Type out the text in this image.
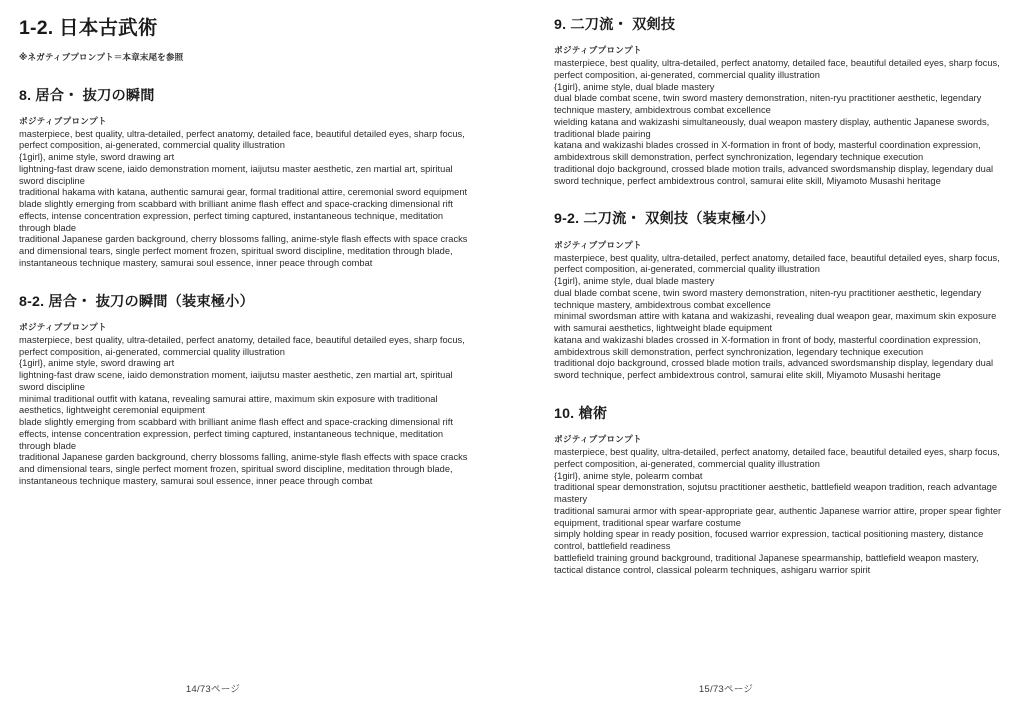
1-2. 日本古武術

※ネガティブプロンプト＝本章末尾を参照

8. 居合・ 抜刀の瞬間

ポジティブプロンプト

masterpiece, best quality, ultra-detailed, perfect anatomy, detailed face, beautiful detailed eyes, sharp focus, perfect composition, ai-generated, commercial quality illustration

{1girl}, anime style, sword drawing art

lightning-fast draw scene, iaido demonstration moment, iaijutsu master aesthetic, zen martial art, spiritual sword discipline

traditional hakama with katana, authentic samurai gear, formal traditional attire, ceremonial sword equipment

blade slightly emerging from scabbard with brilliant anime flash effect and space-cracking dimensional rift effects, intense concentration expression, perfect timing captured, instantaneous technique, meditation through blade

traditional Japanese garden background, cherry blossoms falling, anime-style flash effects with space cracks and dimensional tears, single perfect moment frozen, spiritual sword discipline, meditation through blade, instantaneous technique mastery, samurai soul essence, inner peace through combat

8-2. 居合・ 抜刀の瞬間（装束極小）

ポジティブプロンプト

masterpiece, best quality, ultra-detailed, perfect anatomy, detailed face, beautiful detailed eyes, sharp focus, perfect composition, ai-generated, commercial quality illustration

{1girl}, anime style, sword drawing art

lightning-fast draw scene, iaido demonstration moment, iaijutsu master aesthetic, zen martial art, spiritual sword discipline

minimal traditional outfit with katana, revealing samurai attire, maximum skin exposure with traditional aesthetics, lightweight ceremonial equipment

blade slightly emerging from scabbard with brilliant anime flash effect and space-cracking dimensional rift effects, intense concentration expression, perfect timing captured, instantaneous technique, meditation through blade

traditional Japanese garden background, cherry blossoms falling, anime-style flash effects with space cracks and dimensional tears, single perfect moment frozen, spiritual sword discipline, meditation through blade, instantaneous technique mastery, samurai soul essence, inner peace through combat

14/73ページ
9. 二刀流・ 双剣技

ポジティブプロンプト

masterpiece, best quality, ultra-detailed, perfect anatomy, detailed face, beautiful detailed eyes, sharp focus, perfect composition, ai-generated, commercial quality illustration

{1girl}, anime style, dual blade mastery

dual blade combat scene, twin sword mastery demonstration, niten-ryu practitioner aesthetic, legendary technique mastery, ambidextrous combat excellence

wielding katana and wakizashi simultaneously, dual weapon mastery display, authentic Japanese swords, traditional blade pairing

katana and wakizashi blades crossed in X-formation in front of body, masterful coordination expression, ambidextrous skill demonstration, perfect synchronization, legendary technique execution

traditional dojo background, crossed blade motion trails, advanced swordsmanship display, legendary dual sword technique, perfect ambidextrous control, samurai elite skill, Miyamoto Musashi heritage

9-2. 二刀流・ 双剣技（装束極小）

ポジティブプロンプト

masterpiece, best quality, ultra-detailed, perfect anatomy, detailed face, beautiful detailed eyes, sharp focus, perfect composition, ai-generated, commercial quality illustration

{1girl}, anime style, dual blade mastery

dual blade combat scene, twin sword mastery demonstration, niten-ryu practitioner aesthetic, legendary technique mastery, ambidextrous combat excellence

minimal swordsman attire with katana and wakizashi, revealing dual weapon gear, maximum skin exposure with samurai aesthetics, lightweight blade equipment

katana and wakizashi blades crossed in X-formation in front of body, masterful coordination expression, ambidextrous skill demonstration, perfect synchronization, legendary technique execution

traditional dojo background, crossed blade motion trails, advanced swordsmanship display, legendary dual sword technique, perfect ambidextrous control, samurai elite skill, Miyamoto Musashi heritage

10. 槍術

ポジティブプロンプト

masterpiece, best quality, ultra-detailed, perfect anatomy, detailed face, beautiful detailed eyes, sharp focus, perfect composition, ai-generated, commercial quality illustration

{1girl}, anime style, polearm combat

traditional spear demonstration, sojutsu practitioner aesthetic, battlefield weapon tradition, reach advantage mastery

traditional samurai armor with spear-appropriate gear, authentic Japanese warrior attire, proper spear fighter equipment, traditional spear warfare costume

simply holding spear in ready position, focused warrior expression, tactical positioning mastery, distance control, battlefield readiness

battlefield training ground background, traditional Japanese spearmanship, battlefield weapon mastery, tactical distance control, classical polearm techniques, ashigaru warrior spirit

15/73ページ
